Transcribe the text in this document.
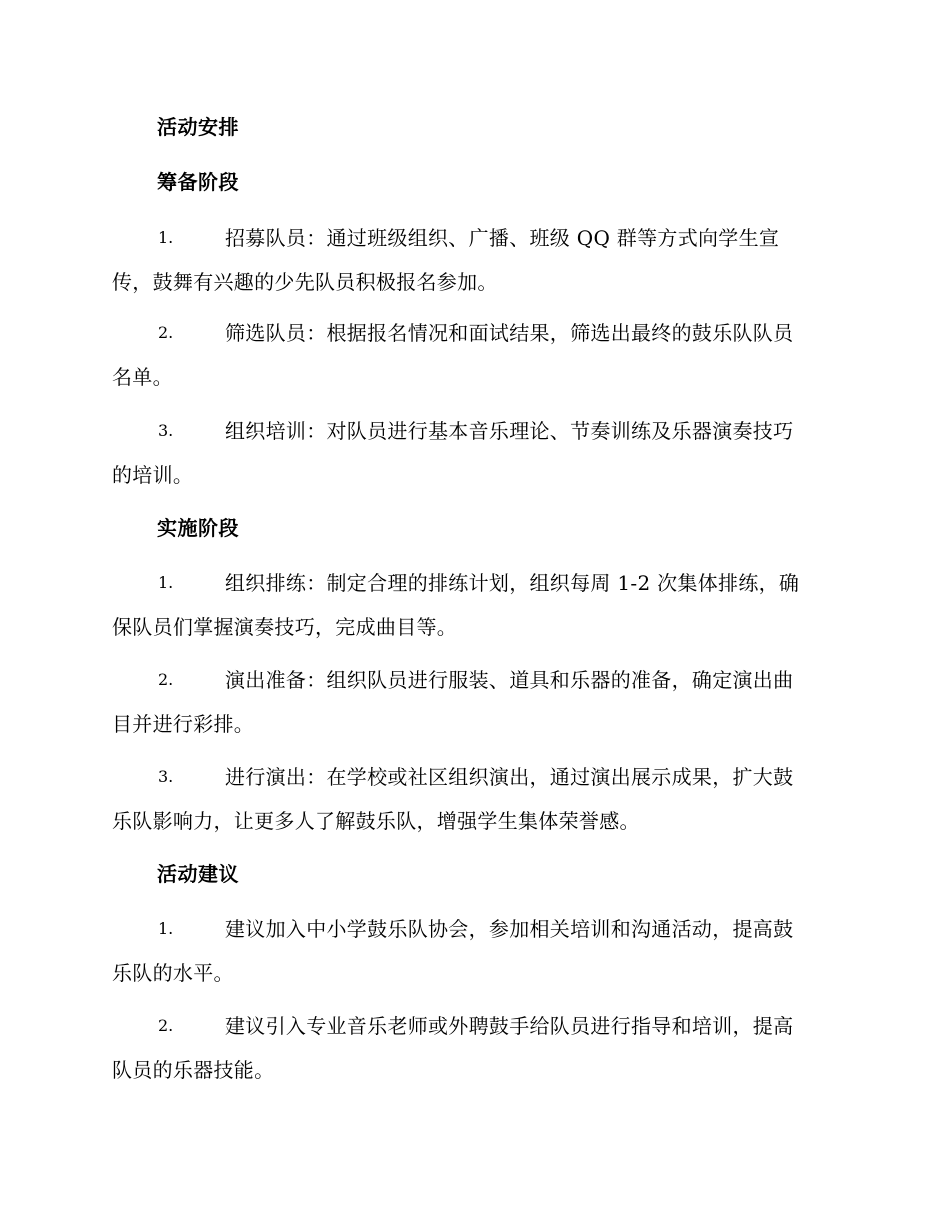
活动安排
筹备阶段
1.	招募队员：通过班级组织、广播、班级 QQ 群等方式向学生宣
传，鼓舞有兴趣的少先队员积极报名参加。
2.	筛选队员：根据报名情况和面试结果，筛选出最终的鼓乐队队员
名单。
3.	组织培训：对队员进行基本音乐理论、节奏训练及乐器演奏技巧
的培训。
实施阶段
1.	组织排练：制定合理的排练计划，组织每周 1-2 次集体排练，确
保队员们掌握演奏技巧，完成曲目等。
2.	演出准备：组织队员进行服装、道具和乐器的准备，确定演出曲
目并进行彩排。
3.	进行演出：在学校或社区组织演出，通过演出展示成果，扩大鼓
乐队影响力，让更多人了解鼓乐队，增强学生集体荣誉感。
活动建议
1.	建议加入中小学鼓乐队协会，参加相关培训和沟通活动，提高鼓
乐队的水平。
2.	建议引入专业音乐老师或外聘鼓手给队员进行指导和培训，提高
队员的乐器技能。
